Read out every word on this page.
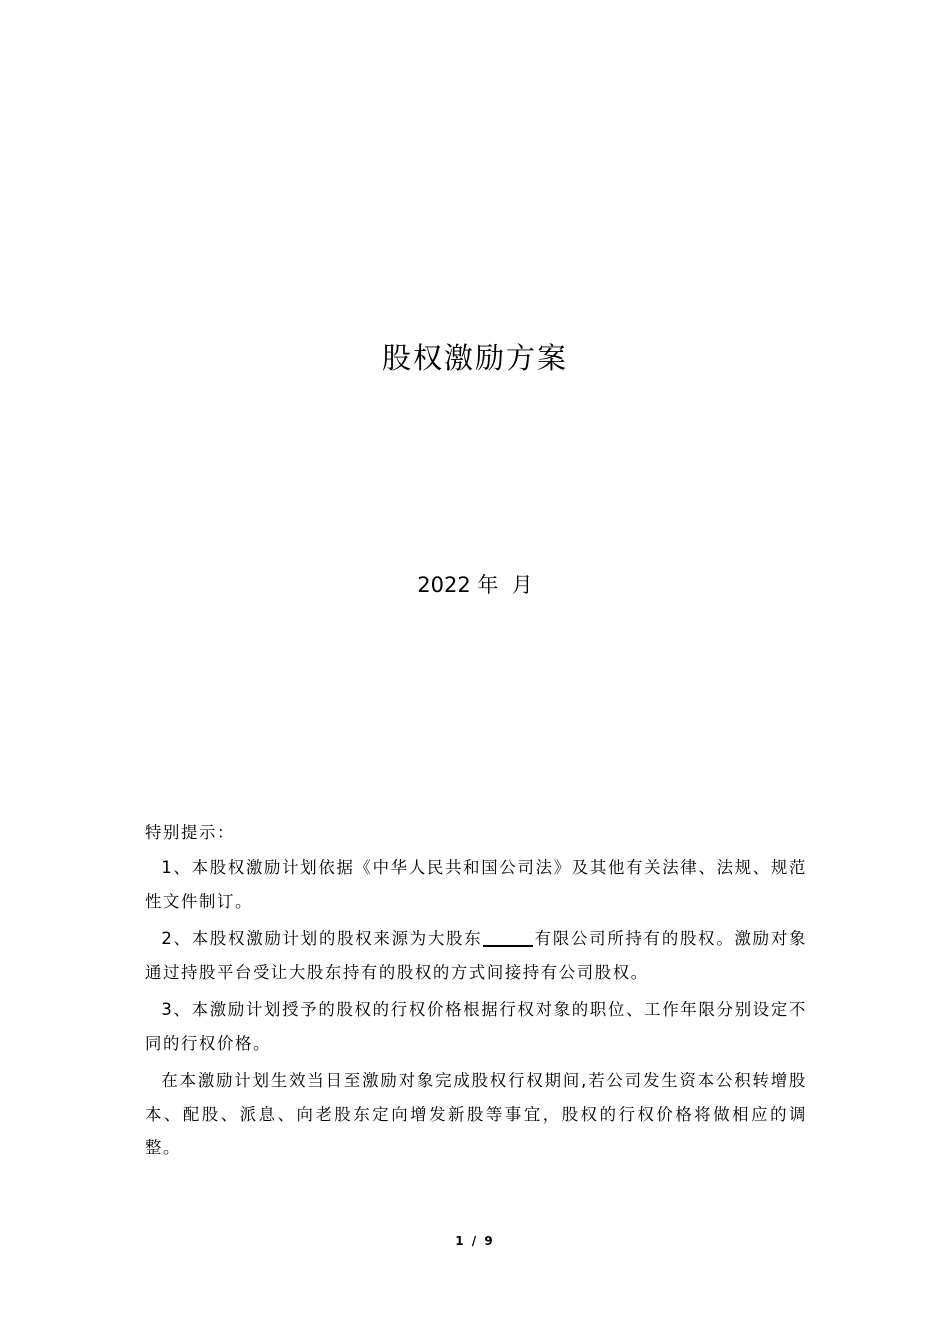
股权激励方案
2022 年  月

特别提示：

1、本股权激励计划依据《中华人民共和国公司法》及其他有关法律、法规、规范性文件制订。

2、本股权激励计划的股权来源为大股东	有限公司所持有的股权。激励对象通过持股平台受让大股东持有的股权的方式间接持有公司股权。

3、本激励计划授予的股权的行权价格根据行权对象的职位、工作年限分别设定不同的行权价格。

在本激励计划生效当日至激励对象完成股权行权期间,若公司发生资本公积转增股本、配股、派息、向老股东定向增发新股等事宜，股权的行权价格将做相应的调整。

1 / 9
